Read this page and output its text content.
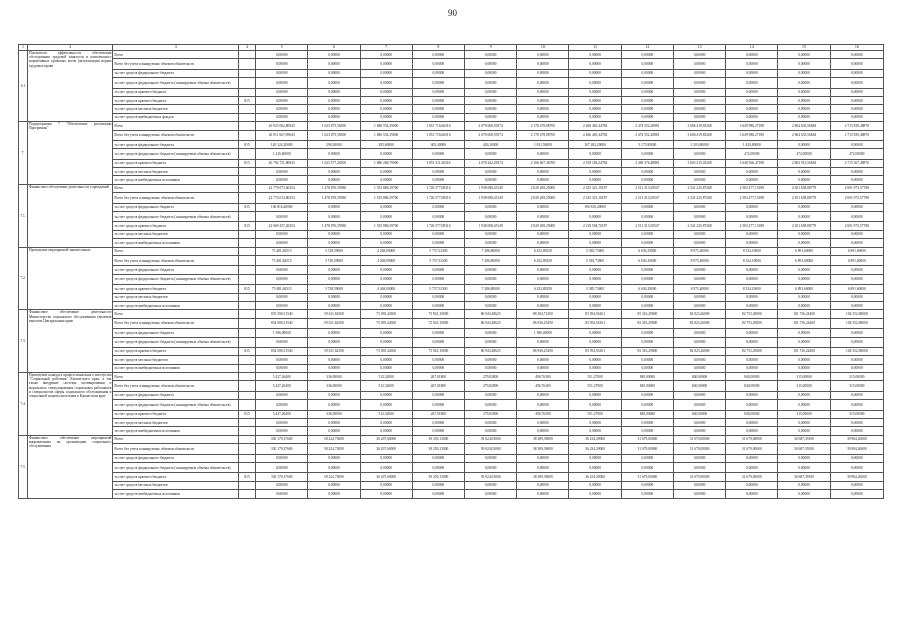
90
1	2	3	4	5	6	7	8	9	10	11	12	13	14	15	16
6.1	Показатели эффективности обеспечения обследования трудовой занятости и комплексного нормативных правовых актов (актуализация нормы трудовых права	Всего		0,00000	0,00000	0,00000	0,00000	0,00000	0,00000	0,00000	0,00000	0,00000	0,00000	0,00000	0,00000
		Всего без учета планируемых объемов обязательств		0,00000	0,00000	0,00000	0,00000	0,00000	0,00000	0,00000	0,00000	0,00000	0,00000	0,00000	0,00000
		за счет средств федерального бюджета		0,00000	0,00000	0,00000	0,00000	0,00000	0,00000	0,00000	0,00000	0,00000	0,00000	0,00000	0,00000
		за счет средств федерального бюджета (планируемые объемы обязательств)		0,00000	0,00000	0,00000	0,00000	0,00000	0,00000	0,00000	0,00000	0,00000	0,00000	0,00000	0,00000
		за счет средств краевого бюджета		0,00000	0,00000	0,00000	0,00000	0,00000	0,00000	0,00000	0,00000	0,00000	0,00000	0,00000	0,00000
		за счет средств краевого бюджета	815	0,00000	0,00000	0,00000	0,00000	0,00000	0,00000	0,00000	0,00000	0,00000	0,00000	0,00000	0,00000
		за счет средств местных бюджетов		0,00000	0,00000	0,00000	0,00000	0,00000	0,00000	0,00000	0,00000	0,00000	0,00000	0,00000	0,00000
		за счет средств внебюджетных фондов		0,00000	0,00000	0,00000	0,00000	0,00000	0,00000	0,00000	0,00000	0,00000	0,00000	0,00000	0,00000
7.	Подпрограмма 7 "Обеспечение реализации Программы"	Всего		26 923 062,80943	1 623 875,56500	1 686 554,39000	1 851 716,66316	2 078 668,59574	2 178 478,08700	2 466 465,44784	2 474 552,28881	3 606 419,83268	3 649 986,27188	2 864 635,56684	2 715 839,48870
		Всего без учета планируемых объемов обязательств		26 911 667,09643	1 623 875,56500	1 686 554,39000	1 851 716,66316	2 078 668,59574	2 178 478,08700	2 466 465,44784	2 474 552,28881	3 606 419,83268	3 649 986,27188	2 864 635,56684	2 715 839,48870
		за счет средств федерального бюджета	815	120 324,20000	298,30000	285,60000	405,40000	426,30000	1 811,50000	107 282,20000	5 175,80000	3 203,80000	1 420,80000	0,00000	0,00000
		за счет средств федерального бюджета (планируемые объемы обязательств)		1 416,60000	0,00000	0,00000	0,00000	0,00000	0,00000	0,00000	0,00000	0,00000	472,00000	472,00000	472,00000
		за счет средств краевого бюджета	815	26 792 721,80943	1 623 577,26500	1 686 268,79000	1 851 311,26316	2 078 242,29574	2 166 667,36700	2 359 183,24784	2 469 376,48881	3 603 215,03268	3 648 566,47188	2 863 913,56684	2 715 367,48870
		за счет средств местных бюджетов		0,00000	0,00000	0,00000	0,00000	0,00000	0,00000	0,00000	0,00000	0,00000	0,00000	0,00000	0,00000
		за счет средств внебюджетных источников		0,00000	0,00000	0,00000	0,00000	0,00000	0,00000	0,00000	0,00000	0,00000	0,00000	0,00000	0,00000
7.1.	Финансовое обеспечение деятельности учреждений	Всего		22 776 073,60254	1 478 876,59580	1 535 886,39700	1 726 577,08316	1 938 698,45149	2 029 269,25000	2 325 321,10187	2 511 313,50547	2 541 225,87268	2 583 477,13188	2 651 658,88779	2 691 973,57788
		Всего без учета планируемых объемов обязательств		22 774 013,80254	1 478 876,59580	1 535 886,39700	1 726 577,08316	1 938 698,45149	2 029 269,25000	2 325 321,10187	2 511 313,50547	2 541 225,87268	2 583 477,13188	2 651 658,88779	2 691 973,57788
		за счет средств федерального бюджета	815	106 816,40000	0,00000	0,00000	0,00000	0,00000	0,00000	106 816,40000	0,00000	0,00000	0,00000	0,00000	0,00000
		за счет средств федерального бюджета (планируемые объемы обязательств)		0,00000	0,00000	0,00000	0,00000	0,00000	0,00000	0,00000	0,00000	0,00000	0,00000	0,00000	0,00000
		за счет средств краевого бюджета	815	22 669 257,20254	1 478 876,59580	1 535 886,39700	1 726 577,08316	1 938 698,45149	2 029 269,25000	2 218 504,70187	2 511 313,50547	2 541 225,87268	2 583 477,13188	2 651 658,88779	2 691 973,57788
		за счет средств местных бюджетов		0,00000	0,00000	0,00000	0,00000	0,00000	0,00000	0,00000	0,00000	0,00000	0,00000	0,00000	0,00000
		за счет средств внебюджетных источников		0,00000	0,00000	0,00000	0,00000	0,00000	0,00000	0,00000	0,00000	0,00000	0,00000	0,00000	0,00000
7.2.	Проведение мероприятий значительных	Всего		75 481,84515	3 728,59000	4 268,00000	5 757,52300	7 286,80000	6 252,89250	5 385,73865	6 630,29000	8 975,40000	8 334,10000	6 891,60000	6 891,60000
		Всего без учета планируемых объемов обязательств		75 481,84515	3 728,59000	4 268,00000	5 757,52300	7 286,80000	6 252,89250	5 385,73865	6 630,29000	8 975,40000	8 334,10000	6 891,60000	6 891,60000
		за счет средств федерального бюджета		0,00000	0,00000	0,00000	0,00000	0,00000	0,00000	0,00000	0,00000	0,00000	0,00000	0,00000	0,00000
		за счет средств федерального бюджета (планируемые объемы обязательств)		0,00000	0,00000	0,00000	0,00000	0,00000	0,00000	0,00000	0,00000	0,00000	0,00000	0,00000	0,00000
		за счет средств краевого бюджета	815	75 481,84515	3 728,59000	4 268,00000	5 757,52300	7 286,80000	6 252,89250	5 385,73865	6 630,29000	8 975,40000	8 334,10000	6 891,60000	6 891,60000
		за счет средств местных бюджетов		0,00000	0,00000	0,00000	0,00000	0,00000	0,00000	0,00000	0,00000	0,00000	0,00000	0,00000	0,00000
		за счет средств внебюджетных источников		0,00000	0,00000	0,00000	0,00000	0,00000	0,00000	0,00000	0,00000	0,00000	0,00000	0,00000	0,00000
7.3.	Финансовое обеспечение деятельности Министерства социального обслуживания (включая выплаты Центральным краю	Всего		835 396,51540	59 611,62500	75 095,44300	75 941,10000	86 943,48625	88 294,71450	83 954,56161	83 316,29000	82 823,26000	82 753,29000	101 756,24400	104 552,08000
		Всего без учета планируемых объемов обязательств		834 006,51540	59 611,62500	75 095,44300	75 941,10000	86 943,48625	86 936,25450	83 954,56161	83 316,29000	82 823,26000	82 753,29000	101 756,24400	104 552,08000
		за счет средств федерального бюджета		1 386,00000	0,00000	0,00000	0,00000	0,00000	1 386,00000	0,00000	0,00000	0,00000	0,00000	0,00000	0,00000
		за счет средств федерального бюджета (планируемые объемы обязательств)		0,00000	0,00000	0,00000	0,00000	0,00000	0,00000	0,00000	0,00000	0,00000	0,00000	0,00000	0,00000
		за счет средств краевого бюджета	815	834 006,51540	59 611,62500	75 095,44300	75 941,10000	86 943,48625	86 936,25450	83 954,56161	83 316,29000	82 823,26000	82 753,29000	101 756,24400	104 552,08000
		за счет средств местных бюджетов		0,00000	0,00000	0,00000	0,00000	0,00000	0,00000	0,00000	0,00000	0,00000	0,00000	0,00000	0,00000
		за счет средств внебюджетных источников		0,00000	0,00000	0,00000	0,00000	0,00000	0,00000	0,00000	0,00000	0,00000	0,00000	0,00000	0,00000
7.4.	Проведение конкурса профессионального мастерства "Социальный работник" Камчатского края, а так также внедрение системы мотивирования и морального стимулирования социальных работников и специалистов сферы социального обслуживания и социальной защиты населения в Камчатском крае	Всего		5 427,26400	336,00000	512,32000	267,01800	279,82800	496,76300	551,27000	840,00000	840,00000	840,00000	315,00000	315,00000
		Всего без учета планируемых объемов обязательств		5 427,26400	336,00000	512,32000	267,01800	279,82800	496,76300	551,27000	840,00000	840,00000	840,00000	315,00000	315,00000
		за счет средств федерального бюджета		0,00000	0,00000	0,00000	0,00000	0,00000	0,00000	0,00000	0,00000	0,00000	0,00000	0,00000	0,00000
		за счет средств федерального бюджета (планируемые объемы обязательств)		0,00000	0,00000	0,00000	0,00000	0,00000	0,00000	0,00000	0,00000	0,00000	0,00000	0,00000	0,00000
		за счет средств краевого бюджета	815	5 427,26400	336,00000	512,32000	267,01800	279,82800	496,76300	551,27000	840,00000	840,00000	840,00000	315,00000	315,00000
		за счет средств местных бюджетов		0,00000	0,00000	0,00000	0,00000	0,00000	0,00000	0,00000	0,00000	0,00000	0,00000	0,00000	0,00000
		за счет средств внебюджетных источников		0,00000	0,00000	0,00000	0,00000	0,00000	0,00000	0,00000	0,00000	0,00000	0,00000	0,00000	0,00000
7.5.	Финансовое обеспечение мероприятий направленных на организацию социального обслуживания	Всего		330 179,37600	58 224,73000	36 207,60000	39 250,13000	39 024,03000	38 389,39000	36 234,29000	31 679,00000	31 679,00000	31 679,00000	30 687,39100	39 984,26000
		Всего без учета планируемых объемов обязательств		330 179,37600	58 224,73000	36 207,60000	39 250,13000	39 024,03000	38 389,39000	36 234,29000	31 679,00000	31 679,00000	31 679,00000	30 687,39100	39 984,26000
		за счет средств федерального бюджета		0,00000	0,00000	0,00000	0,00000	0,00000	0,00000	0,00000	0,00000	0,00000	0,00000	0,00000	0,00000
		за счет средств федерального бюджета (планируемые объемы обязательств)		0,00000	0,00000	0,00000	0,00000	0,00000	0,00000	0,00000	0,00000	0,00000	0,00000	0,00000	0,00000
		за счет средств краевого бюджета	815	330 179,37600	58 224,73000	36 207,60000	39 250,13000	39 024,03000	38 389,39000	36 234,29000	31 679,00000	31 679,00000	31 679,00000	30 687,39100	39 984,26000
		за счет средств местных бюджетов		0,00000	0,00000	0,00000	0,00000	0,00000	0,00000	0,00000	0,00000	0,00000	0,00000	0,00000	0,00000
		за счет средств внебюджетных источников		0,00000	0,00000	0,00000	0,00000	0,00000	0,00000	0,00000	0,00000	0,00000	0,00000	0,00000	0,00000
